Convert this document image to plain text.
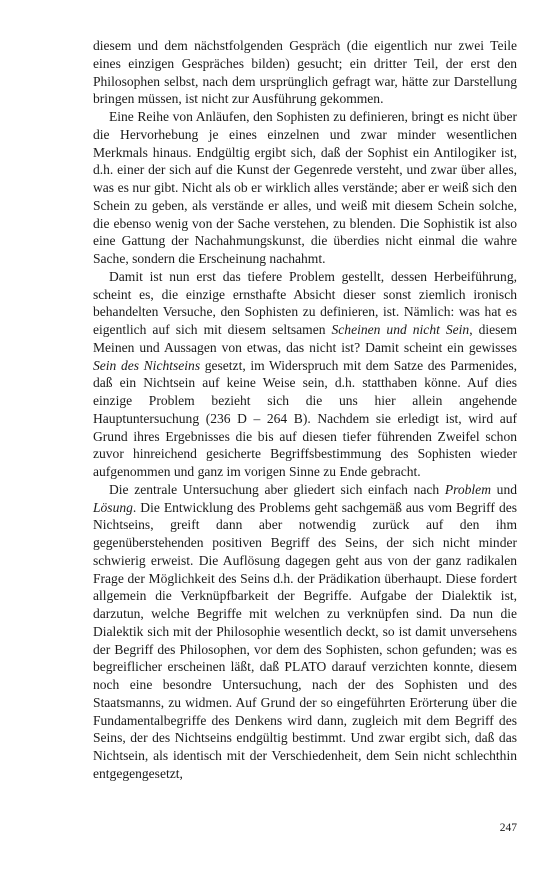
diesem und dem nächstfolgenden Gespräch (die eigentlich nur zwei Teile eines einzigen Gespräches bilden) gesucht; ein dritter Teil, der erst den Philosophen selbst, nach dem ursprünglich gefragt war, hätte zur Darstellung bringen müssen, ist nicht zur Ausführung gekommen.

Eine Reihe von Anläufen, den Sophisten zu definieren, bringt es nicht über die Hervorhebung je eines einzelnen und zwar minder wesentlichen Merkmals hinaus. Endgültig ergibt sich, daß der Sophist ein Antilogiker ist, d.h. einer der sich auf die Kunst der Gegenrede versteht, und zwar über alles, was es nur gibt. Nicht als ob er wirklich alles verstände; aber er weiß sich den Schein zu geben, als verstände er alles, und weiß mit diesem Schein solche, die ebenso wenig von der Sache verstehen, zu blenden. Die Sophistik ist also eine Gattung der Nachahmungskunst, die überdies nicht einmal die wahre Sache, sondern die Erscheinung nachahmt.

Damit ist nun erst das tiefere Problem gestellt, dessen Herbeiführung, scheint es, die einzige ernsthafte Absicht dieser sonst ziemlich ironisch behandelten Versuche, den Sophisten zu definieren, ist. Nämlich: was hat es eigentlich auf sich mit diesem seltsamen Scheinen und nicht Sein, diesem Meinen und Aussagen von etwas, das nicht ist? Damit scheint ein gewisses Sein des Nichtseins gesetzt, im Widerspruch mit dem Satze des Parmenides, daß ein Nichtsein auf keine Weise sein, d.h. statthaben könne. Auf dies einzige Problem bezieht sich die uns hier allein angehende Hauptuntersuchung (236 D – 264 B). Nachdem sie erledigt ist, wird auf Grund ihres Ergebnisses die bis auf diesen tiefer führenden Zweifel schon zuvor hinreichend gesicherte Begriffsbestimmung des Sophisten wieder aufgenommen und ganz im vorigen Sinne zu Ende gebracht.

Die zentrale Untersuchung aber gliedert sich einfach nach Problem und Lösung. Die Entwicklung des Problems geht sachgemäß aus vom Begriff des Nichtseins, greift dann aber notwendig zurück auf den ihm gegenüberstehenden positiven Begriff des Seins, der sich nicht minder schwierig erweist. Die Auflösung dagegen geht aus von der ganz radikalen Frage der Möglichkeit des Seins d.h. der Prädikation überhaupt. Diese fordert allgemein die Verknüpfbarkeit der Begriffe. Aufgabe der Dialektik ist, darzutun, welche Begriffe mit welchen zu verknüpfen sind. Da nun die Dialektik sich mit der Philosophie wesentlich deckt, so ist damit unversehens der Begriff des Philosophen, vor dem des Sophisten, schon gefunden; was es begreiflicher erscheinen läßt, daß PLATO darauf verzichten konnte, diesem noch eine besondre Untersuchung, nach der des Sophisten und des Staatsmanns, zu widmen. Auf Grund der so eingeführten Erörterung über die Fundamentalbegriffe des Denkens wird dann, zugleich mit dem Begriff des Seins, der des Nichtseins endgültig bestimmt. Und zwar ergibt sich, daß das Nichtsein, als identisch mit der Verschiedenheit, dem Sein nicht schlechthin entgegengesetzt,

247
